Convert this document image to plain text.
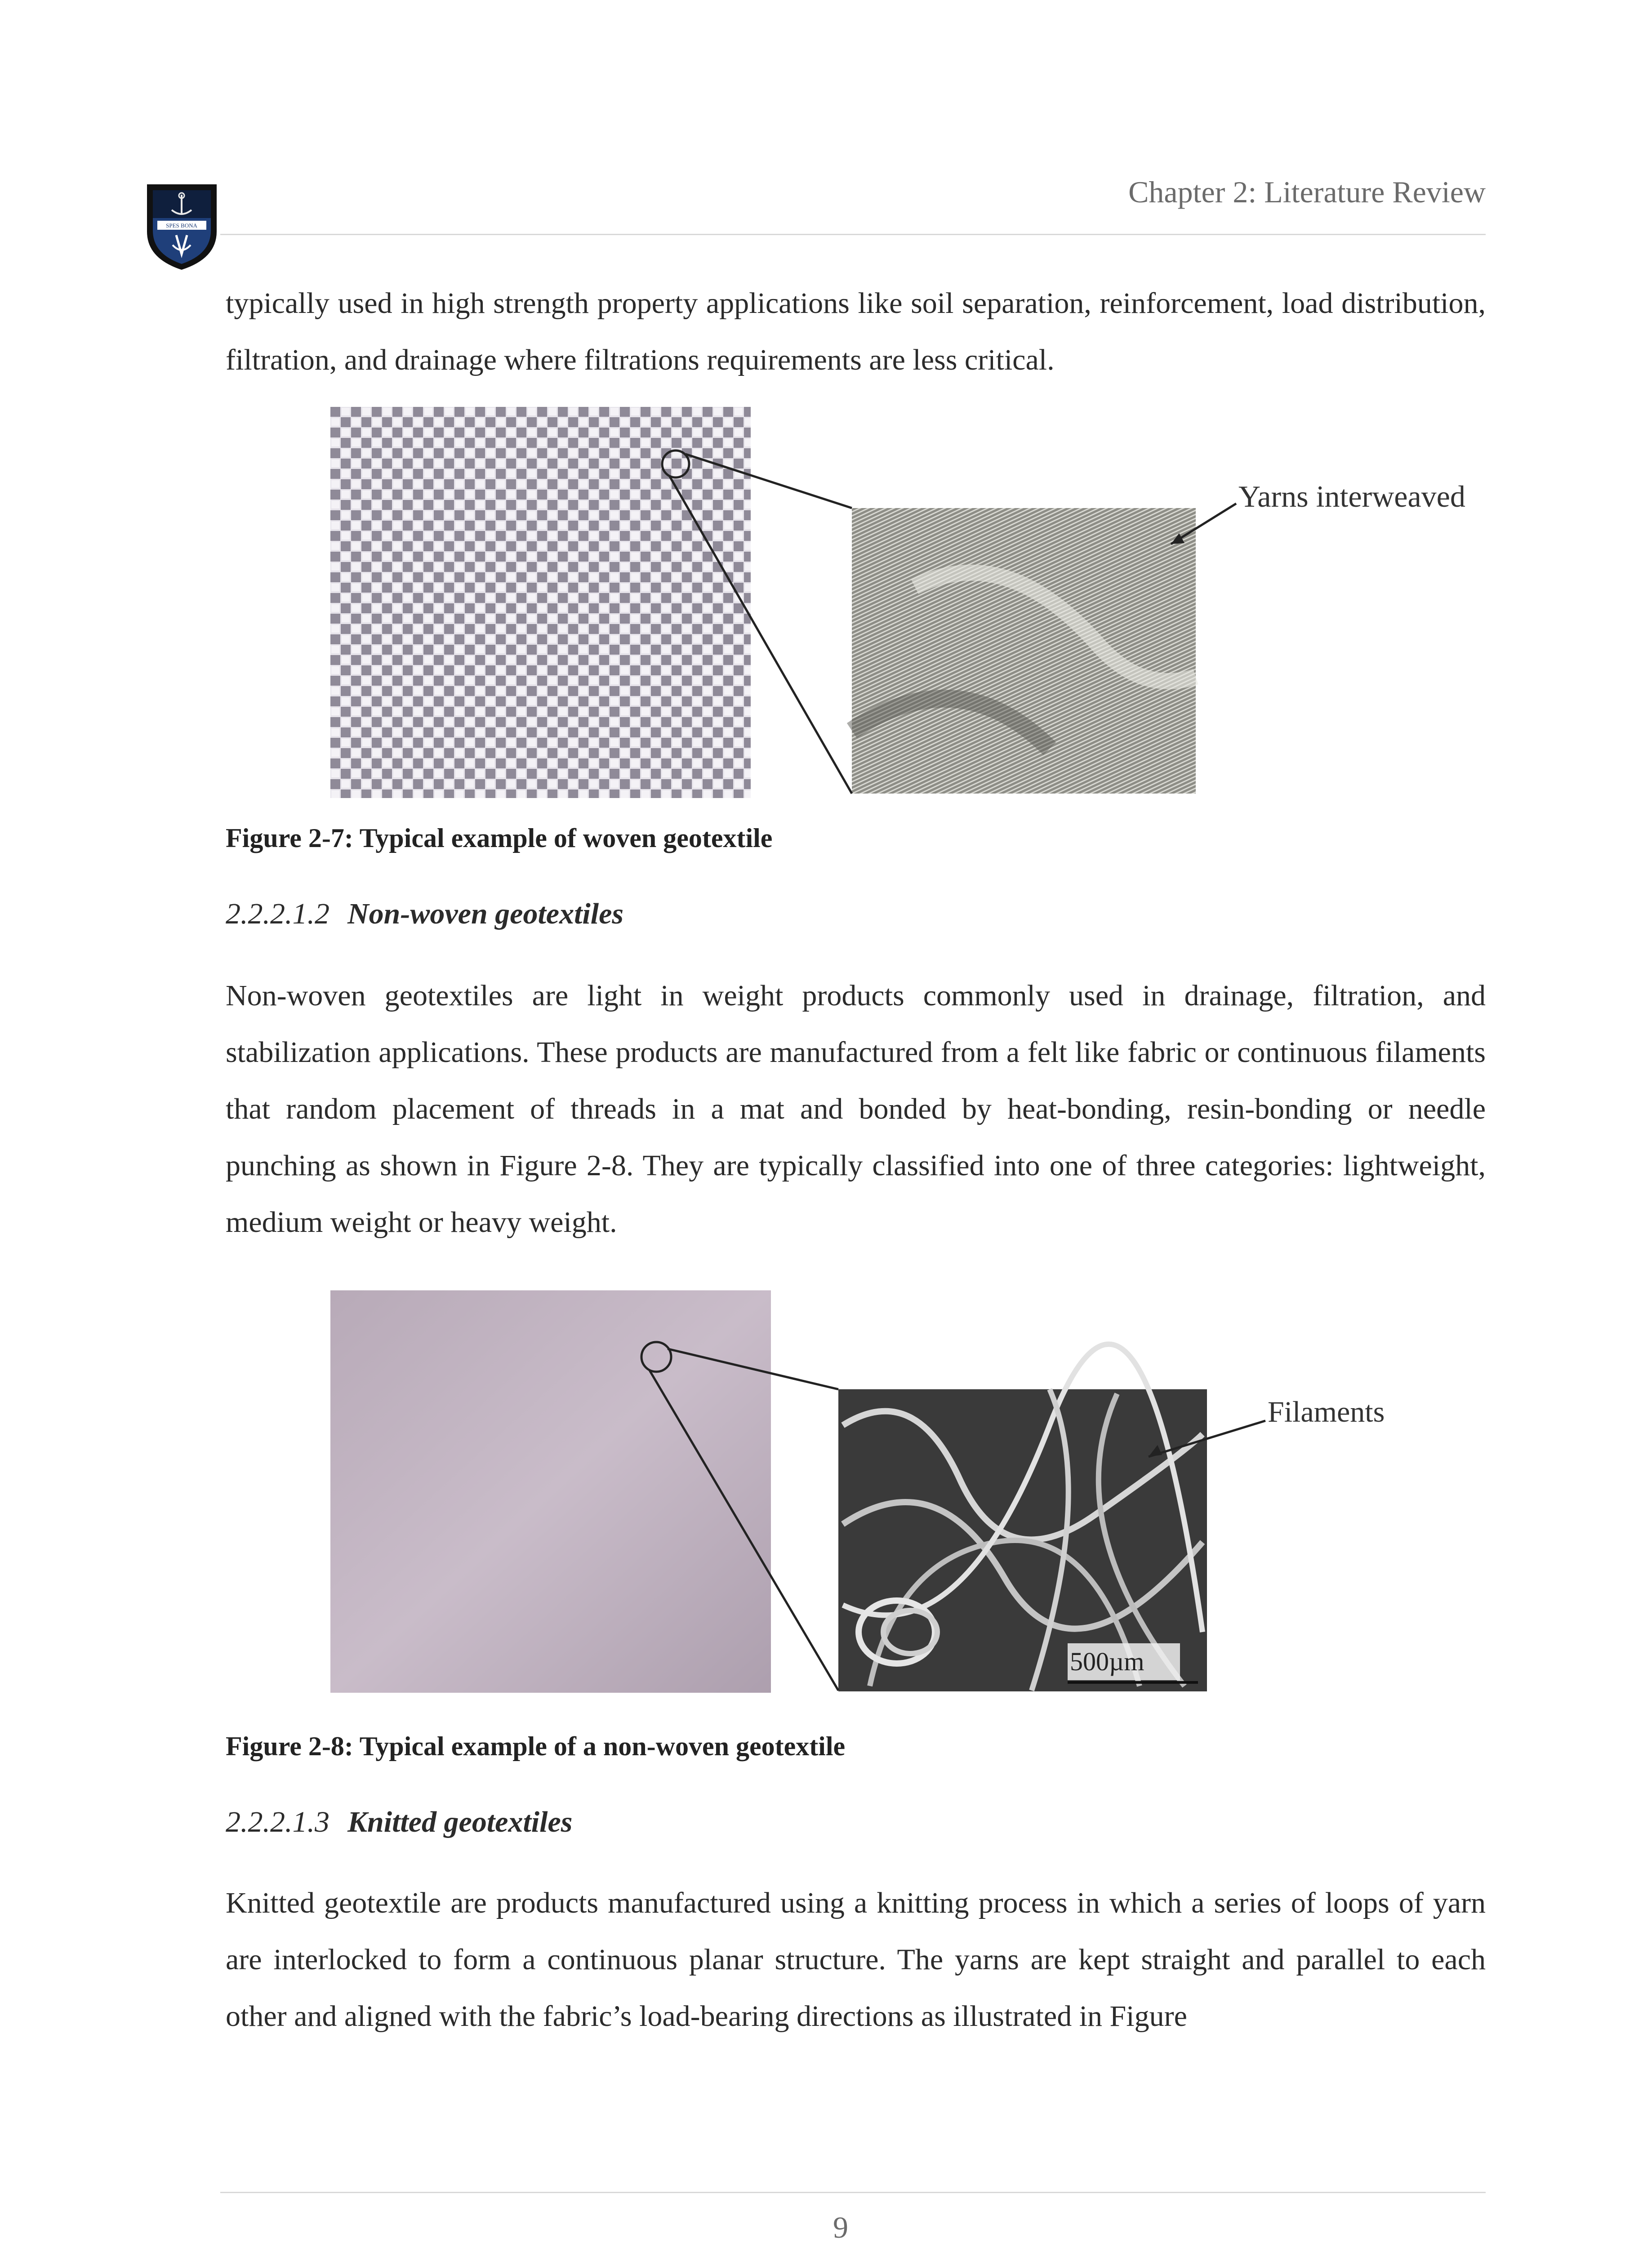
SPES BONA
Chapter 2: Literature Review

typically used in high strength property applications like soil separation, reinforcement, load distribution, filtration, and drainage where filtrations requirements are less critical.

Yarns interweaved
Figure 2-7: Typical example of woven geotextile
2.2.2.1.2 Non-woven geotextiles

Non-woven geotextiles are light in weight products commonly used in drainage, filtration, and stabilization applications. These products are manufactured from a felt like fabric or continuous filaments that random placement of threads in a mat and bonded by heat-bonding, resin-bonding or needle punching as shown in Figure 2-8. They are typically classified into one of three categories: lightweight, medium weight or heavy weight.

500µm
Filaments
Figure 2-8: Typical example of a non-woven geotextile
2.2.2.1.3 Knitted geotextiles

Knitted geotextile are products manufactured using a knitting process in which a series of loops of yarn are interlocked to form a continuous planar structure. The yarns are kept straight and parallel to each other and aligned with the fabric’s load-bearing directions as illustrated in Figure

9
